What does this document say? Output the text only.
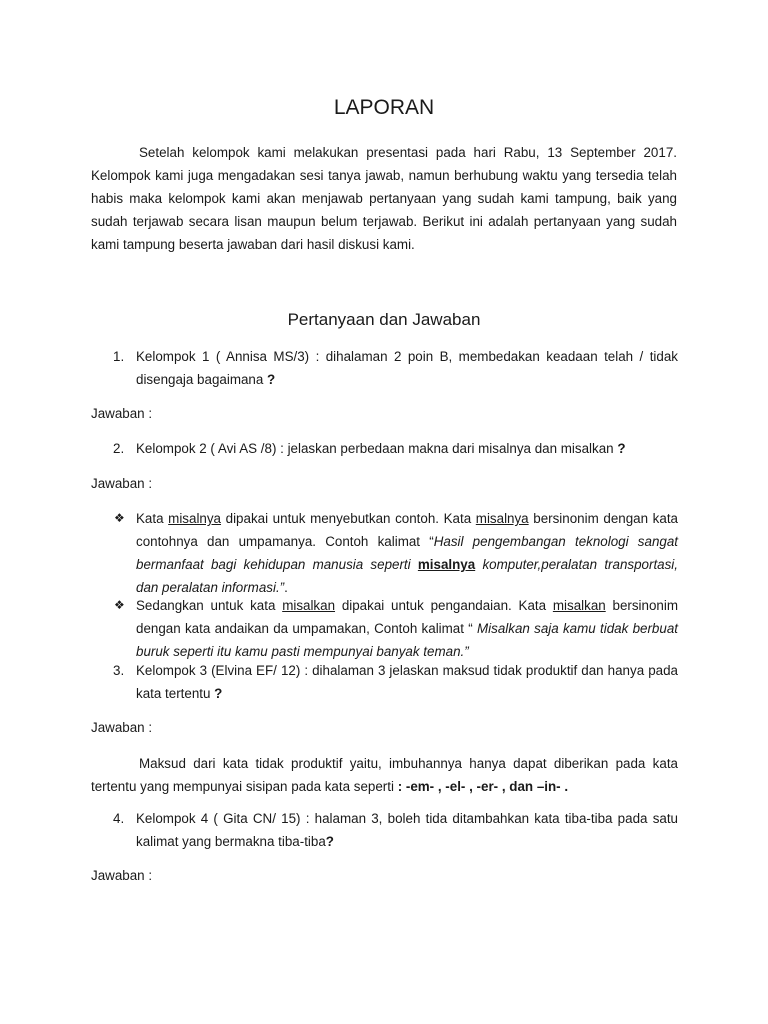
LAPORAN

Setelah kelompok kami melakukan presentasi pada hari Rabu, 13 September 2017. Kelompok kami juga mengadakan sesi tanya jawab, namun berhubung waktu yang tersedia telah habis maka kelompok kami akan menjawab pertanyaan yang sudah kami tampung, baik yang sudah terjawab secara lisan maupun belum terjawab. Berikut ini adalah pertanyaan yang sudah kami tampung beserta jawaban dari hasil diskusi kami.

Pertanyaan dan Jawaban
1. Kelompok 1 ( Annisa MS/3) : dihalaman 2 poin B, membedakan keadaan telah / tidak disengaja bagaimana ?

Jawaban :

2. Kelompok 2 ( Avi AS /8) : jelaskan perbedaan makna dari misalnya dan misalkan ?

Jawaban :

❖ Kata misalnya dipakai untuk menyebutkan contoh. Kata misalnya bersinonim dengan kata contohnya dan umpamanya. Contoh kalimat “Hasil pengembangan teknologi sangat bermanfaat bagi kehidupan manusia seperti misalnya komputer,peralatan transportasi, dan peralatan informasi.”.

❖ Sedangkan untuk kata misalkan dipakai untuk pengandaian. Kata misalkan bersinonim dengan kata andaikan da umpamakan, Contoh kalimat “ Misalkan saja kamu tidak berbuat buruk seperti itu kamu pasti mempunyai banyak teman.”

3. Kelompok 3 (Elvina EF/ 12) : dihalaman 3 jelaskan maksud tidak produktif dan hanya pada kata tertentu ?

Jawaban :

Maksud dari kata tidak produktif yaitu, imbuhannya hanya dapat diberikan pada kata tertentu yang mempunyai sisipan pada kata seperti : -em- , -el- , -er- , dan –in- .

4. Kelompok 4 ( Gita CN/ 15) : halaman 3, boleh tida ditambahkan kata tiba-tiba pada satu kalimat yang bermakna tiba-tiba?

Jawaban :
